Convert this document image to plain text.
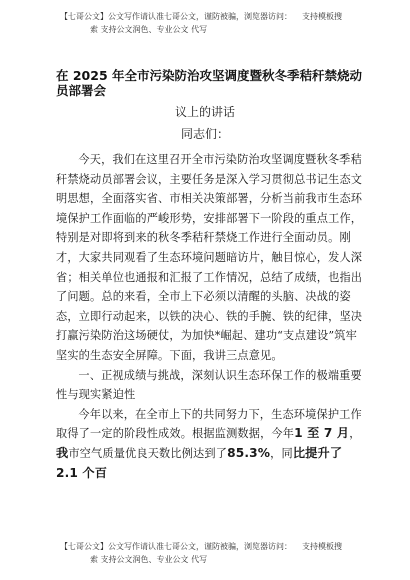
【七哥公文】公文写作请认准七哥公文，谨防被骗，浏览器访问： 支持模板搜
索 支持公文润色、专业公文 代写
在 2025 年全市污染防治攻坚调度暨秋冬季秸秆禁烧动员部署会
议上的讲话
同志们：

今天，我们在这里召开全市污染防治攻坚调度暨秋冬季秸秆禁烧动员部署会议，主要任务是深入学习贯彻总书记生态文明思想，全面落实省、市相关决策部署，分析当前我市生态环境保护工作面临的严峻形势，安排部署下一阶段的重点工作，特别是对即将到来的秋冬季秸秆禁烧工作进行全面动员。刚才，大家共同观看了生态环境问题暗访片，触目惊心，发人深省；相关单位也通报和汇报了工作情况，总结了成绩，也指出了问题。总的来看，全市上下必须以清醒的头脑、决战的姿态，立即行动起来，以铁的决心、铁的手腕、铁的纪律，坚决打赢污染防治这场硬仗，为加快*崛起、建功“支点建设”筑牢坚实的生态安全屏障。下面，我讲三点意见。

一、正视成绩与挑战，深刻认识生态环保工作的极端重要性与现实紧迫性

今年以来，在全市上下的共同努力下，生态环境保护工作取得了一定的阶段性成效。根据监测数据，今年1 至 7 月，我市空气质量优良天数比例达到了85.3%，同比提升了 2.1 个百

【七哥公文】公文写作请认准七哥公文，谨防被骗，浏览器访问： 支持模板搜
索 支持公文润色、专业公文 代写
